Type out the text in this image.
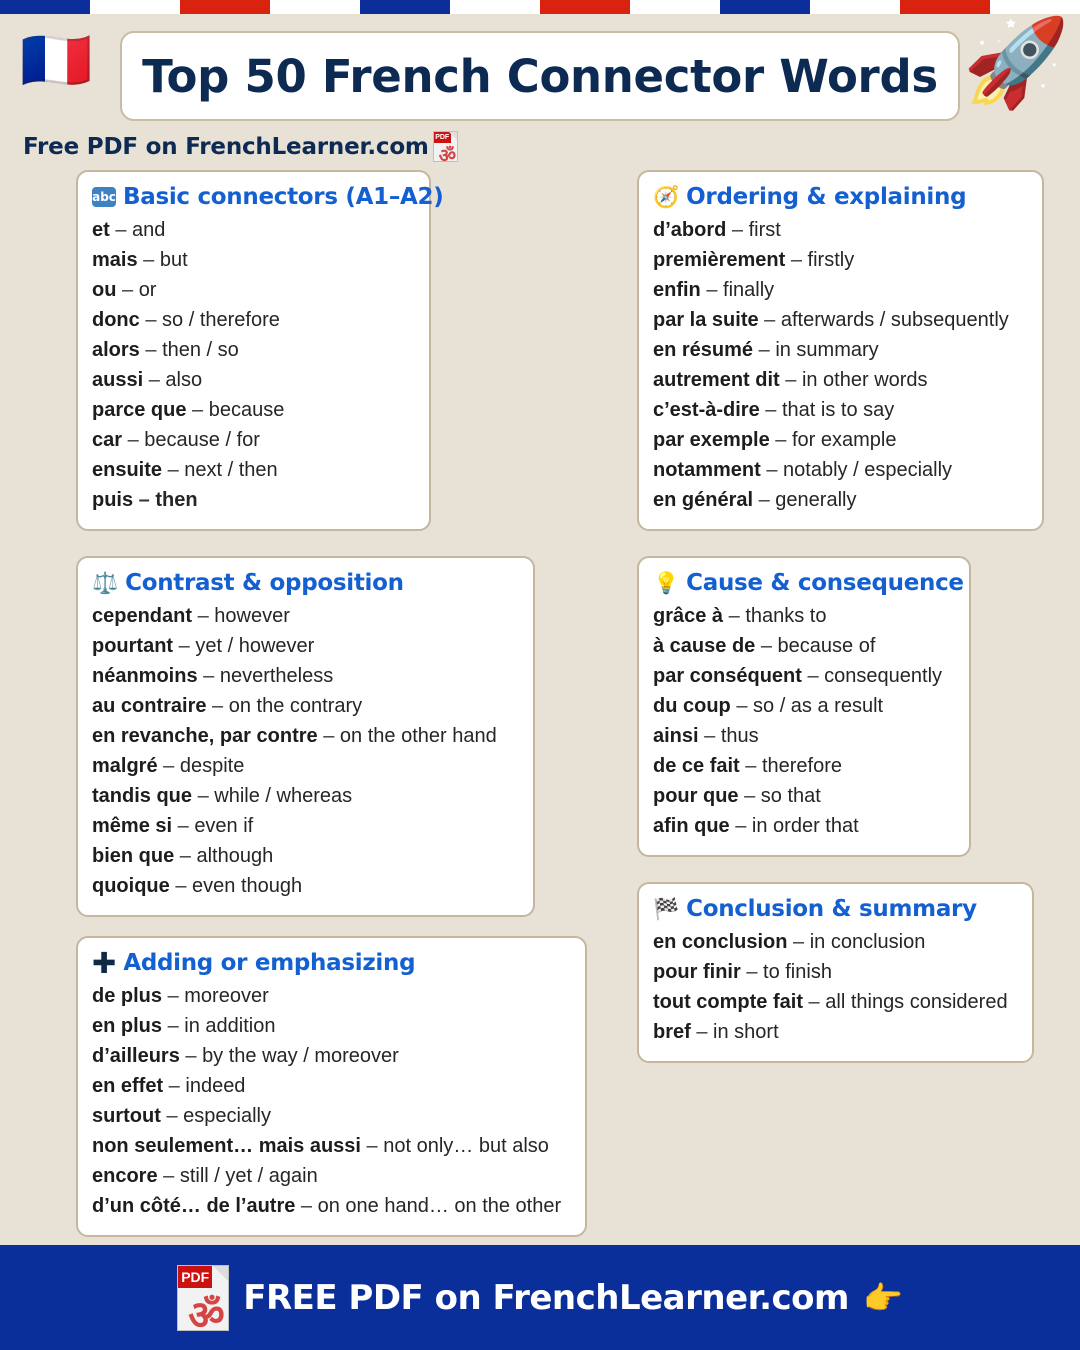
🇫🇷 Top 50 French Connector Words 🚀
Free PDF on FrenchLearner.com PDF
ॐ
abc Basic connectors (A1–A2)
et – and
mais – but
ou – or
donc – so / therefore
alors – then / so
aussi – also
parce que – because
car – because / for
ensuite – next / then
puis – then
🧭 Ordering & explaining
d’abord – first
premièrement – firstly
enfin – finally
par la suite – afterwards / subsequently
en résumé – in summary
autrement dit – in other words
c’est-à-dire – that is to say
par exemple – for example
notamment – notably / especially
en général – generally
⚖️ Contrast & opposition
cependant – however
pourtant – yet / however
néanmoins – nevertheless
au contraire – on the contrary
en revanche, par contre – on the other hand
malgré – despite
tandis que – while / whereas
même si – even if
bien que – although
quoique – even though
💡 Cause & consequence
grâce à – thanks to
à cause de – because of
par conséquent – consequently
du coup – so / as a result
ainsi – thus
de ce fait – therefore
pour que – so that
afin que – in order that
🏁 Conclusion & summary
en conclusion – in conclusion
pour finir – to finish
tout compte fait – all things considered
bref – in short
✚ Adding or emphasizing
de plus – moreover
en plus – in addition
d’ailleurs – by the way / moreover
en effet – indeed
surtout – especially
non seulement… mais aussi – not only… but also
encore – still / yet / again
d’un côté… de l’autre – on one hand… on the other
PDF
ॐ FREE PDF on FrenchLearner.com 👉
